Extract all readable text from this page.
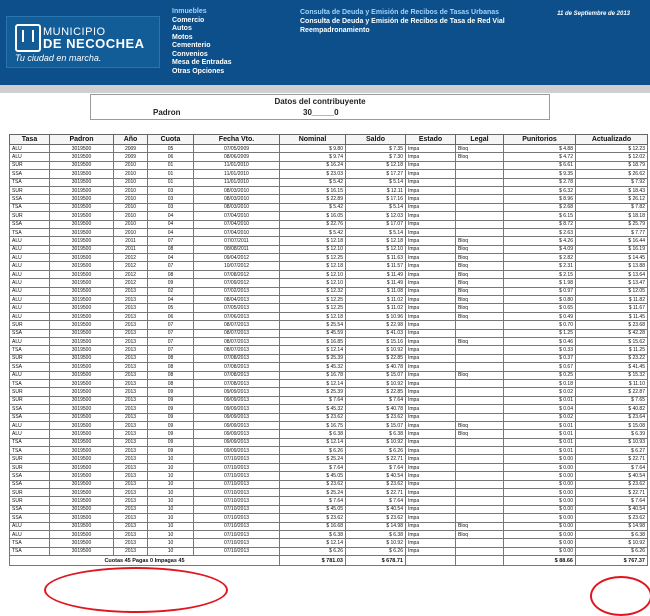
MUNICIPIO
DE NECOCHEA
Tu ciudad en marcha.
Inmuebles
Comercio
Autos
Motos
Cementerio
Convenios
Mesa de Entradas
Otras Opciones
Consulta de Deuda y Emisión de Recibos de Tasas Urbanas
Consulta de Deuda y Emisión de Recibos de Tasa de Red Vial
Reempadronamiento
11 de Septiembre de 2013
Datos del contribuyente
Padron	30_____0
Tasa	Padron	Año	Cuota	Fecha Vto.	Nominal	Saldo	Estado	Legal	Punitorios	Actualizado
ALU	3019500	2009	05	07/05/2009	$ 9.80	$ 7.35	Impa	Bloq	$ 4.88	$ 12.23
ALU	3019500	2009	06	08/06/2009	$ 9.74	$ 7.30	Impa	Bloq	$ 4.72	$ 12.02
SUR	3019500	2010	01	11/01/2010	$ 16.24	$ 12.18	Impa		$ 6.61	$ 18.79
SSA	3019500	2010	01	11/01/2010	$ 23.03	$ 17.27	Impa		$ 9.35	$ 26.62
TSA	3019500	2010	01	11/01/2010	$ 5.42	$ 5.14	Impa		$ 2.78	$ 7.92
SUR	3019500	2010	03	08/03/2010	$ 16.15	$ 12.11	Impa		$ 6.32	$ 18.43
SSA	3019500	2010	03	08/03/2010	$ 22.89	$ 17.16	Impa		$ 8.96	$ 26.12
TSA	3019500	2010	03	08/03/2010	$ 5.42	$ 5.14	Impa		$ 2.68	$ 7.82
SUR	3019500	2010	04	07/04/2010	$ 16.05	$ 12.03	Impa		$ 6.15	$ 18.18
SSA	3019500	2010	04	07/04/2010	$ 22.76	$ 17.07	Impa		$ 8.72	$ 25.79
TSA	3019500	2010	04	07/04/2010	$ 5.42	$ 5.14	Impa		$ 2.63	$ 7.77
ALU	3019500	2011	07	07/07/2011	$ 12.18	$ 12.18	Impa	Bloq	$ 4.26	$ 16.44
ALU	3019500	2011	08	08/08/2011	$ 12.10	$ 12.10	Impa	Bloq	$ 4.09	$ 16.19
ALU	3019500	2012	04	09/04/2012	$ 12.25	$ 11.63	Impa	Bloq	$ 2.82	$ 14.45
ALU	3019500	2012	07	10/07/2012	$ 12.18	$ 11.57	Impa	Bloq	$ 2.31	$ 13.88
ALU	3019500	2012	08	07/08/2012	$ 12.10	$ 11.49	Impa	Bloq	$ 2.15	$ 13.64
ALU	3019500	2012	09	07/09/2012	$ 12.10	$ 11.49	Impa	Bloq	$ 1.98	$ 13.47
ALU	3019500	2013	02	07/02/2013	$ 12.32	$ 11.08	Impa	Bloq	$ 0.97	$ 12.05
ALU	3019500	2013	04	08/04/2013	$ 12.25	$ 11.02	Impa	Bloq	$ 0.80	$ 11.82
ALU	3019500	2013	05	07/05/2013	$ 12.25	$ 11.02	Impa	Bloq	$ 0.65	$ 11.67
ALU	3019500	2013	06	07/06/2013	$ 12.18	$ 10.96	Impa	Bloq	$ 0.49	$ 11.45
SUR	3019500	2013	07	08/07/2013	$ 25.54	$ 22.98	Impa		$ 0.70	$ 23.68
SSA	3019500	2013	07	08/07/2013	$ 45.59	$ 41.03	Impa		$ 1.25	$ 42.28
ALU	3019500	2013	07	08/07/2013	$ 16.85	$ 15.16	Impa	Bloq	$ 0.46	$ 15.62
TSA	3019500	2013	07	08/07/2013	$ 12.14	$ 10.92	Impa		$ 0.33	$ 11.25
SUR	3019500	2013	08	07/08/2013	$ 25.39	$ 22.85	Impa		$ 0.37	$ 23.22
SSA	3019500	2013	08	07/08/2013	$ 45.32	$ 40.78	Impa		$ 0.67	$ 41.45
ALU	3019500	2013	08	07/08/2013	$ 16.78	$ 15.07	Impa	Bloq	$ 0.25	$ 15.32
TSA	3019500	2013	08	07/08/2013	$ 12.14	$ 10.92	Impa		$ 0.18	$ 11.10
SUR	3019500	2013	09	09/09/2013	$ 25.39	$ 22.85	Impa		$ 0.02	$ 22.87
SUR	3019500	2013	09	09/09/2013	$ 7.64	$ 7.64	Impa		$ 0.01	$ 7.65
SSA	3019500	2013	09	09/09/2013	$ 45.32	$ 40.78	Impa		$ 0.04	$ 40.82
SSA	3019500	2013	09	09/09/2013	$ 23.62	$ 23.62	Impa		$ 0.02	$ 23.64
ALU	3019500	2013	09	09/09/2013	$ 16.75	$ 15.07	Impa	Bloq	$ 0.01	$ 15.08
ALU	3019500	2013	09	09/09/2013	$ 6.38	$ 6.38	Impa	Bloq	$ 0.01	$ 6.39
TSA	3019500	2013	09	09/09/2013	$ 12.14	$ 10.92	Impa		$ 0.01	$ 10.93
TSA	3019500	2013	09	09/09/2013	$ 6.26	$ 6.26	Impa		$ 0.01	$ 6.27
SUR	3019500	2013	10	07/10/2013	$ 25.24	$ 22.71	Impa		$ 0.00	$ 22.71
SUR	3019500	2013	10	07/10/2013	$ 7.64	$ 7.64	Impa		$ 0.00	$ 7.64
SSA	3019500	2013	10	07/10/2013	$ 45.05	$ 40.54	Impa		$ 0.00	$ 40.54
SSA	3019500	2013	10	07/10/2013	$ 23.62	$ 23.62	Impa		$ 0.00	$ 23.62
SUR	3019500	2013	10	07/10/2013	$ 25.24	$ 22.71	Impa		$ 0.00	$ 22.71
SUR	3019500	2013	10	07/10/2013	$ 7.64	$ 7.64	Impa		$ 0.00	$ 7.64
SSA	3019500	2013	10	07/10/2013	$ 45.05	$ 40.54	Impa		$ 0.00	$ 40.54
SSA	3019500	2013	10	07/10/2013	$ 23.62	$ 23.62	Impa		$ 0.00	$ 23.62
ALU	3019500	2013	10	07/10/2013	$ 16.68	$ 14.98	Impa	Bloq	$ 0.00	$ 14.98
ALU	3019500	2013	10	07/10/2013	$ 6.38	$ 6.38	Impa	Bloq	$ 0.00	$ 6.38
TSA	3019500	2013	10	07/10/2013	$ 12.14	$ 10.92	Impa		$ 0.00	$ 10.92
TSA	3019500	2013	10	07/10/2013	$ 6.26	$ 6.26	Impa		$ 0.00	$ 6.26
Cuotas 45 Pagas 0 Impagas 45					$ 781.03	$ 678.71			$ 88.66	$ 767.37
